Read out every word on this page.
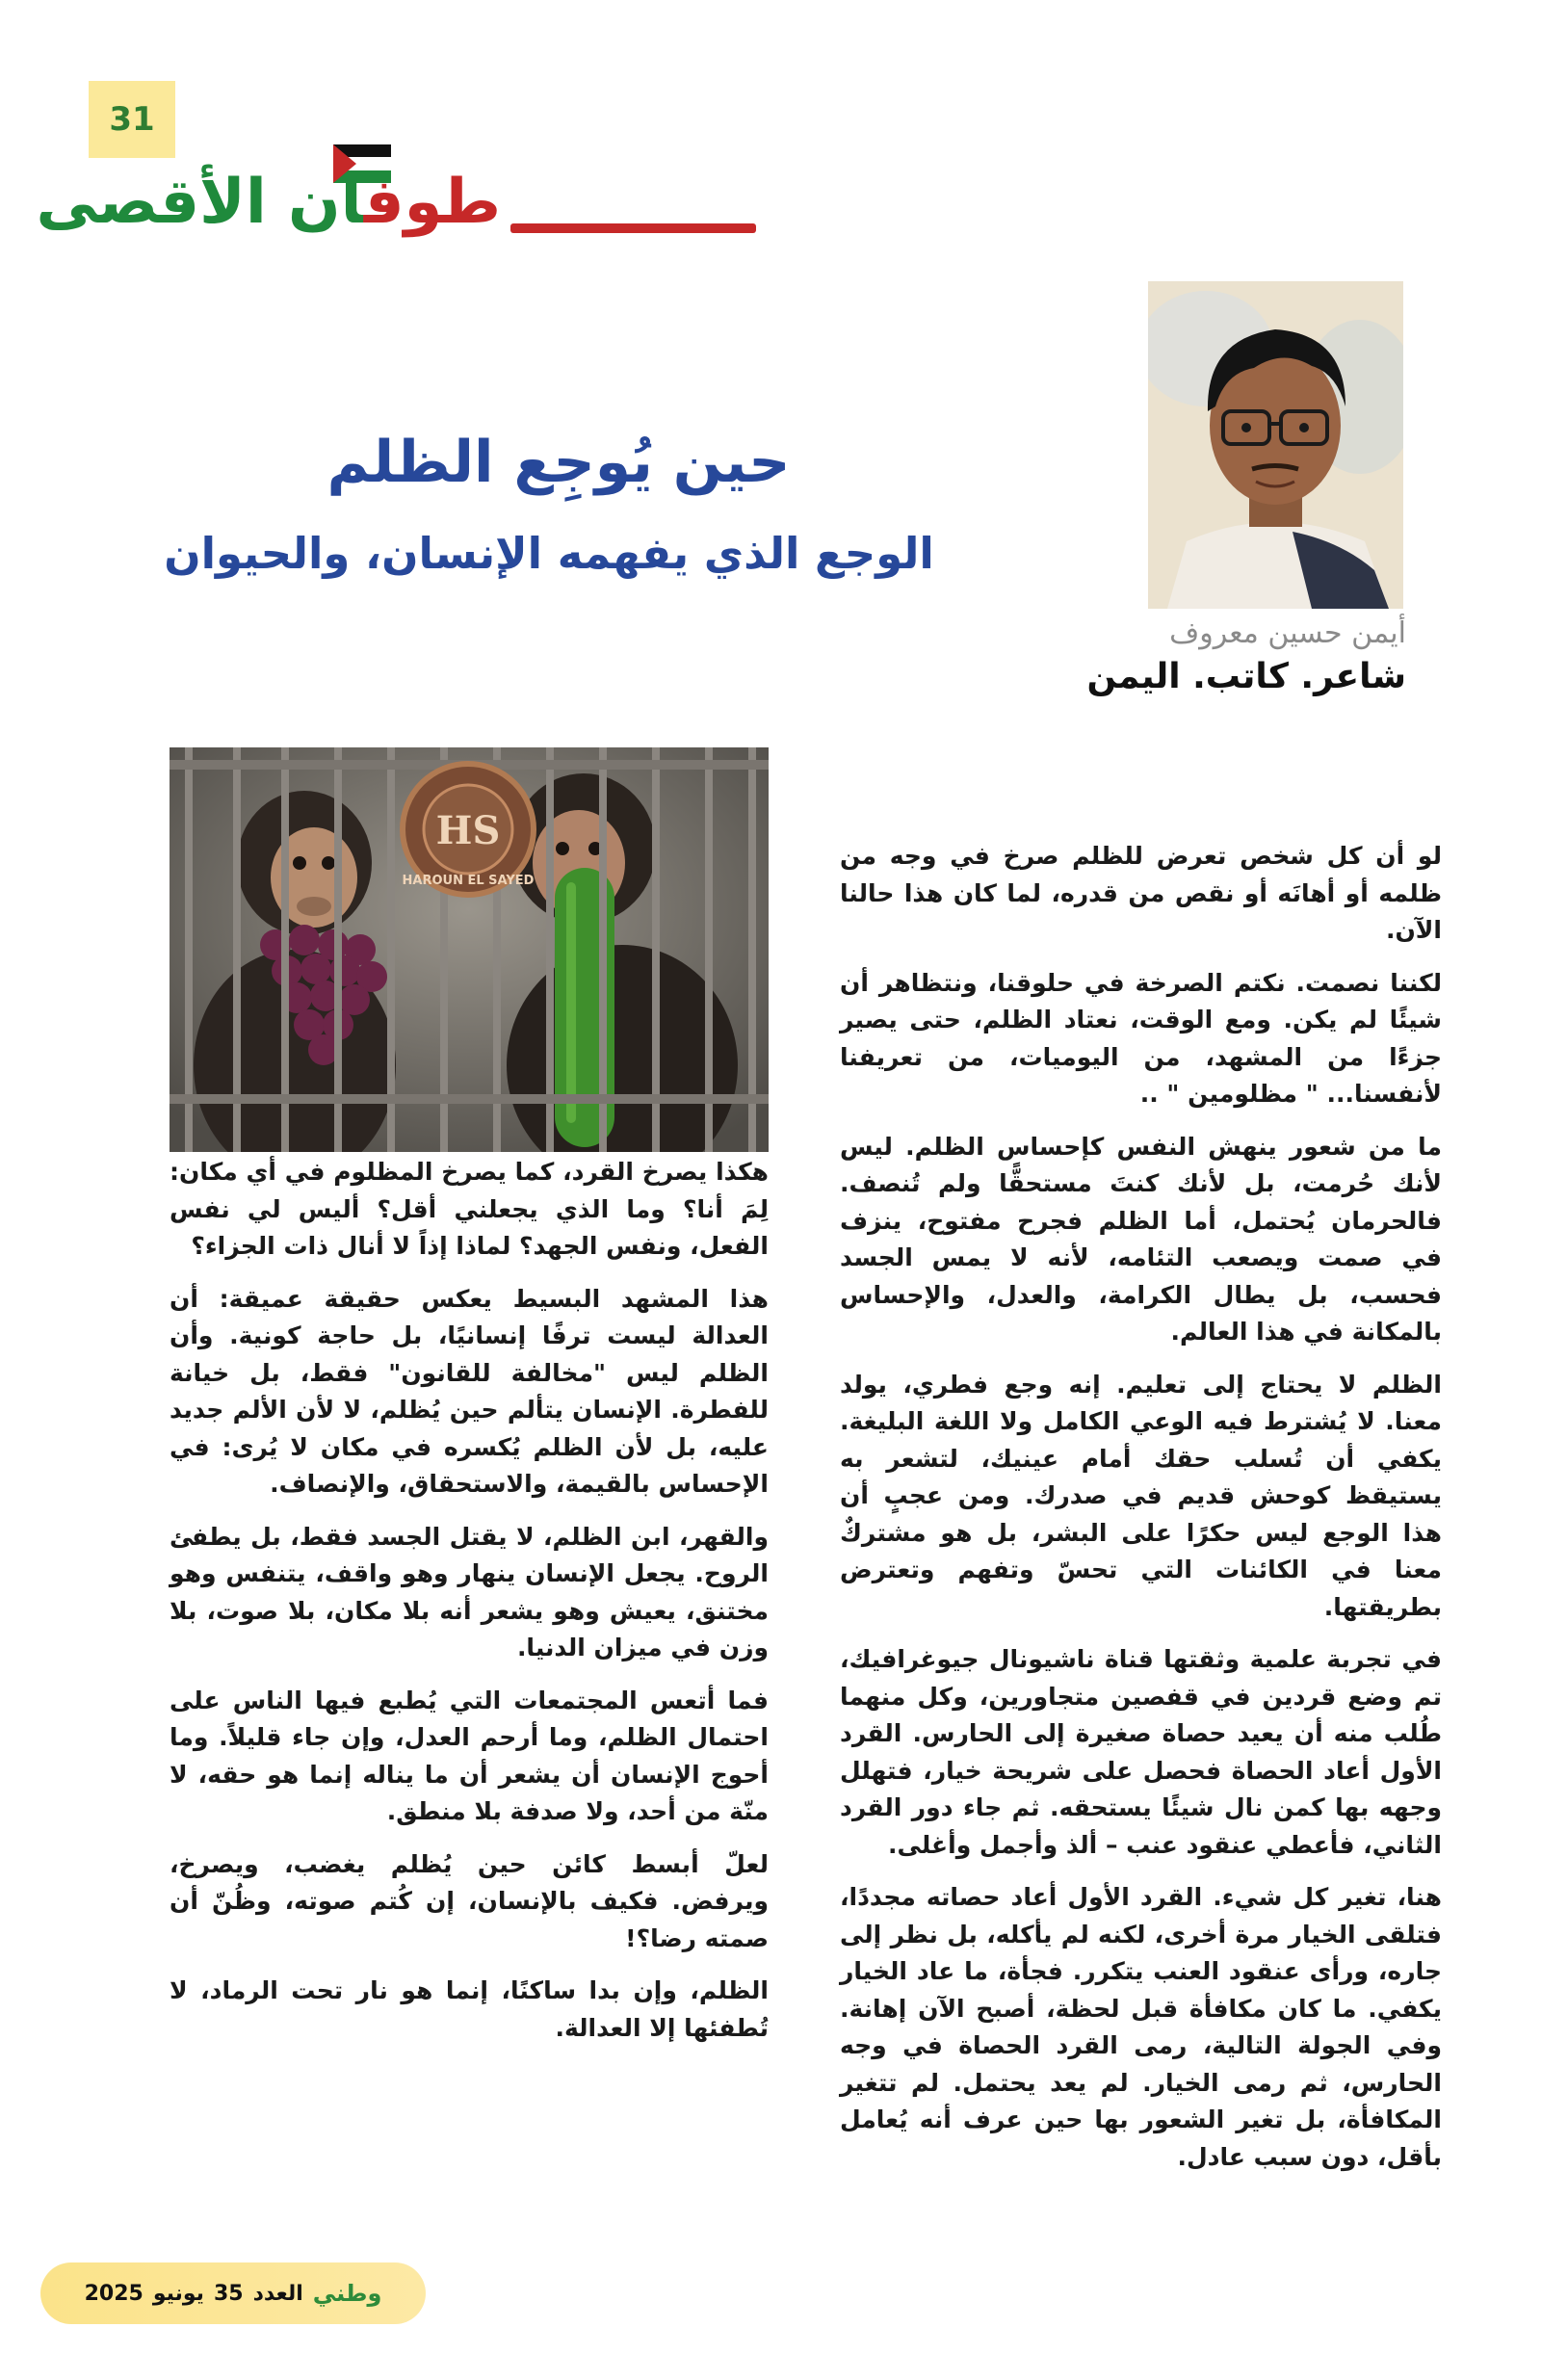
31
طوفان الأقصى
حين يُوجِع الظلم
الوجع الذي يفهمه الإنسان، والحيوان
أيمن حسين معروف
شاعر. كاتب. اليمن
HS
HAROUN EL SAYED

لو أن كل شخص تعرض للظلم صرخ في وجه من ظلمه أو أهانَه أو نقص من قدره، لما كان هذا حالنا الآن.

لكننا نصمت. نكتم الصرخة في حلوقنا، ونتظاهر أن شيئًا لم يكن. ومع الوقت، نعتاد الظلم، حتى يصير جزءًا من المشهد، من اليوميات، من تعريفنا لأنفسنا... " مظلومين " ..

ما من شعور ينهش النفس كإحساس الظلم. ليس لأنك حُرمت، بل لأنك كنتَ مستحقًّا ولم تُنصف. فالحرمان يُحتمل، أما الظلم فجرح مفتوح، ينزف في صمت ويصعب التئامه، لأنه لا يمس الجسد فحسب، بل يطال الكرامة، والعدل، والإحساس بالمكانة في هذا العالم.

الظلم لا يحتاج إلى تعليم. إنه وجع فطري، يولد معنا. لا يُشترط فيه الوعي الكامل ولا اللغة البليغة. يكفي أن تُسلب حقك أمام عينيك، لتشعر به يستيقظ كوحش قديم في صدرك. ومن عجبٍ أن هذا الوجع ليس حكرًا على البشر، بل هو مشتركٌ معنا في الكائنات التي تحسّ وتفهم وتعترض بطريقتها.

في تجربة علمية وثقتها قناة ناشيونال جيوغرافيك، تم وضع قردين في قفصين متجاورين، وكل منهما طُلب منه أن يعيد حصاة صغيرة إلى الحارس. القرد الأول أعاد الحصاة فحصل على شريحة خيار، فتهلل وجهه بها كمن نال شيئًا يستحقه. ثم جاء دور القرد الثاني، فأعطي عنقود عنب – ألذ وأجمل وأغلى.

هنا، تغير كل شيء. القرد الأول أعاد حصاته مجددًا، فتلقى الخيار مرة أخرى، لكنه لم يأكله، بل نظر إلى جاره، ورأى عنقود العنب يتكرر. فجأة، ما عاد الخيار يكفي. ما كان مكافأة قبل لحظة، أصبح الآن إهانة. وفي الجولة التالية، رمى القرد الحصاة في وجه الحارس، ثم رمى الخيار. لم يعد يحتمل. لم تتغير المكافأة، بل تغير الشعور بها حين عرف أنه يُعامل بأقل، دون سبب عادل.

هكذا يصرخ القرد، كما يصرخ المظلوم في أي مكان: لِمَ أنا؟ وما الذي يجعلني أقل؟ أليس لي نفس الفعل، ونفس الجهد؟ لماذا إذاً لا أنال ذات الجزاء؟

هذا المشهد البسيط يعكس حقيقة عميقة: أن العدالة ليست ترفًا إنسانيًا، بل حاجة كونية. وأن الظلم ليس "مخالفة للقانون" فقط، بل خيانة للفطرة. الإنسان يتألم حين يُظلم، لا لأن الألم جديد عليه، بل لأن الظلم يُكسره في مكان لا يُرى: في الإحساس بالقيمة، والاستحقاق، والإنصاف.

والقهر، ابن الظلم، لا يقتل الجسد فقط، بل يطفئ الروح. يجعل الإنسان ينهار وهو واقف، يتنفس وهو مختنق، يعيش وهو يشعر أنه بلا مكان، بلا صوت، بلا وزن في ميزان الدنيا.

فما أتعس المجتمعات التي يُطبع فيها الناس على احتمال الظلم، وما أرحم العدل، وإن جاء قليلاً. وما أحوج الإنسان أن يشعر أن ما يناله إنما هو حقه، لا منّة من أحد، ولا صدفة بلا منطق.

لعلّ أبسط كائن حين يُظلم يغضب، ويصرخ، ويرفض. فكيف بالإنسان، إن كُتم صوته، وظُنّ أن صمته رضا؟!

الظلم، وإن بدا ساكنًا، إنما هو نار تحت الرماد، لا تُطفئها إلا العدالة.

وطني
العدد
35
يونيو
2025
